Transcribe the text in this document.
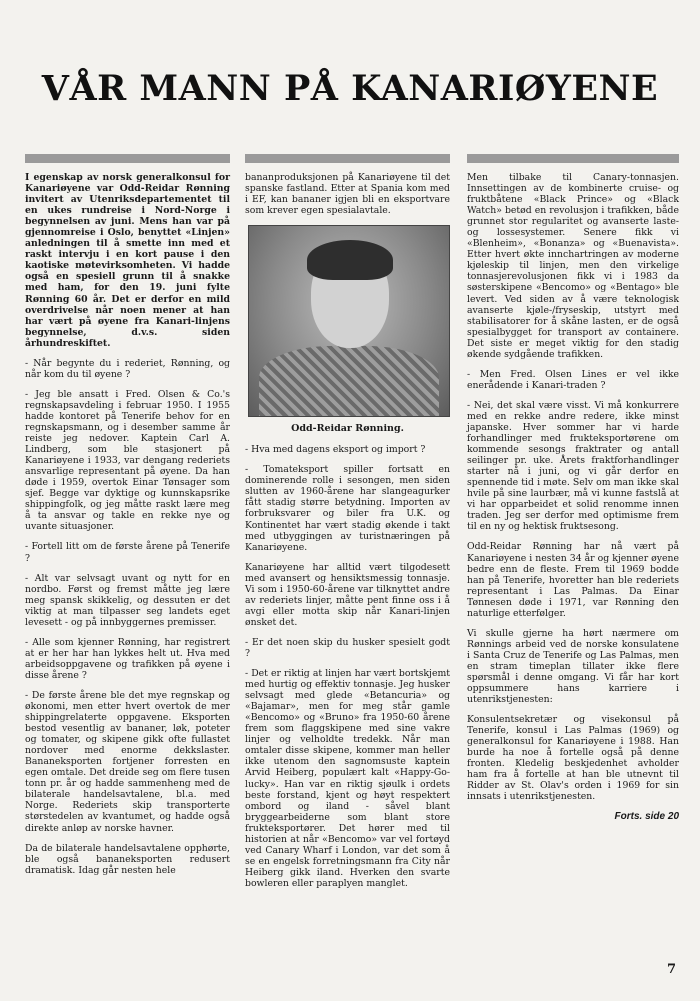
VÅR MANN PÅ KANARIØYENE

I egenskap av norsk generalkonsul for Kanariøyene var Odd-Reidar Rønning invitert av Utenriksdepartementet til en ukes rundreise i Nord-Norge i begynnelsen av juni. Mens han var på gjennomreise i Oslo, benyttet «Linjen» anledningen til å smette inn med et raskt intervju i en kort pause i den kaotiske møtevirksomheten. Vi hadde også en spesiell grunn til å snakke med ham, for den 19. juni fylte Rønning 60 år. Det er derfor en mild overdrivelse når noen mener at han har vært på øyene fra Kanari-linjens begynnelse, d.v.s. siden århundreskiftet.

- Når begynte du i rederiet, Rønning, og når kom du til øyene ?

- Jeg ble ansatt i Fred. Olsen & Co.'s regnskapsavdeling i februar 1950. I 1955 hadde kontoret på Tenerife behov for en regnskapsmann, og i desember samme år reiste jeg nedover. Kaptein Carl A. Lindberg, som ble stasjonert på Kanariøyene i 1933, var dengang rederiets ansvarlige representant på øyene. Da han døde i 1959, overtok Einar Tønsager som sjef. Begge var dyktige og kunnskapsrike shippingfolk, og jeg måtte raskt lære meg å ta ansvar og takle en rekke nye og uvante situasjoner.

- Fortell litt om de første årene på Tenerife ?

- Alt var selvsagt uvant og nytt for en nordbo. Først og fremst måtte jeg lære meg spansk skikkelig, og dessuten er det viktig at man tilpasser seg landets eget levesett - og på innbyggernes premisser.

- Alle som kjenner Rønning, har registrert at er her har han lykkes helt ut. Hva med arbeidsoppgavene og trafikken på øyene i disse årene ?

- De første årene ble det mye regnskap og økonomi, men etter hvert overtok de mer shippingrelaterte oppgavene. Eksporten bestod vesentlig av bananer, løk, poteter og tomater, og skipene gikk ofte fullastet nordover med enorme dekkslaster. Bananeksporten fortjener forresten en egen omtale. Det dreide seg om flere tusen tonn pr. år og hadde sammenheng med de bilaterale handelsavtalene, bl.a. med Norge. Rederiets skip transporterte størstedelen av kvantumet, og hadde også direkte anløp av norske havner.

Da de bilaterale handelsavtalene opphørte, ble også bananeksporten redusert dramatisk. Idag går nesten hele

bananproduksjonen på Kanariøyene til det spanske fastland. Etter at Spania kom med i EF, kan bananer igjen bli en eksportvare som krever egen spesialavtale.

Odd-Reidar Rønning.

- Hva med dagens eksport og import ?

- Tomateksport spiller fortsatt en dominerende rolle i sesongen, men siden slutten av 1960-årene har slangeagurker fått stadig større betydning. Importen av forbruksvarer og biler fra U.K. og Kontinentet har vært stadig økende i takt med utbyggingen av turistnæringen på Kanariøyene.

Kanariøyene har alltid vært tilgodesett med avansert og hensiktsmessig tonnasje. Vi som i 1950-60-årene var tilknyttet andre av rederiets linjer, måtte pent finne oss i å avgi eller motta skip når Kanari-linjen ønsket det.

- Er det noen skip du husker spesielt godt ?

- Det er riktig at linjen har vært bortskjemt med hurtig og effektiv tonnasje. Jeg husker selvsagt med glede «Betancuria» og «Bajamar», men for meg står gamle «Bencomo» og «Bruno» fra 1950-60 årene frem som flaggskipene med sine vakre linjer og velholdte tredekk. Når man omtaler disse skipene, kommer man heller ikke utenom den sagnomsuste kaptein Arvid Heiberg, populært kalt «Happy-Go-lucky». Han var en riktig sjøulk i ordets beste forstand, kjent og høyt respektert ombord og iland - såvel blant bryggearbeiderne som blant store frukteksportører. Det hører med til historien at når «Bencomo» var vel fortøyd ved Canary Wharf i London, var det som å se en engelsk forretningsmann fra City når Heiberg gikk iland. Hverken den svarte bowleren eller paraplyen manglet.

Men tilbake til Canary-tonnasjen. Innsettingen av de kombinerte cruise- og fruktbåtene «Black Prince» og «Black Watch» betød en revolusjon i trafikken, både grunnet stor regularitet og avanserte laste- og lossesystemer. Senere fikk vi «Blenheim», «Bonanza» og «Buenavista». Etter hvert økte innchartringen av moderne kjøleskip til linjen, men den virkelige tonnasjerevolusjonen fikk vi i 1983 da søsterskipene «Bencomo» og «Bentago» ble levert. Ved siden av å være teknologisk avanserte kjøle-/fryseskip, utstyrt med stabilisatorer for å skåne lasten, er de også spesialbygget for transport av containere. Det siste er meget viktig for den stadig økende sydgående trafikken.

- Men Fred. Olsen Lines er vel ikke enerådende i Kanari-traden ?

- Nei, det skal være visst. Vi må konkurrere med en rekke andre redere, ikke minst japanske. Hver sommer har vi harde forhandlinger med frukteksportørene om kommende sesongs fraktrater og antall seilinger pr. uke. Årets fraktforhandlinger starter nå i juni, og vi går derfor en spennende tid i møte. Selv om man ikke skal hvile på sine laurbær, må vi kunne fastslå at vi har opparbeidet et solid renomme innen traden. Jeg ser derfor med optimisme frem til en ny og hektisk fruktsesong.

Odd-Reidar Rønning har nå vært på Kanariøyene i nesten 34 år og kjenner øyene bedre enn de fleste. Frem til 1969 bodde han på Tenerife, hvoretter han ble rederiets representant i Las Palmas. Da Einar Tønnesen døde i 1971, var Rønning den naturlige etterfølger.

Vi skulle gjerne ha hørt nærmere om Rønnings arbeid ved de norske konsulatene i Santa Cruz de Tenerife og Las Palmas, men en stram timeplan tillater ikke flere spørsmål i denne omgang. Vi får har kort oppsummere hans karriere i utenrikstjenesten:

Konsulentsekretær og visekonsul på Tenerife, konsul i Las Palmas (1969) og generalkonsul for Kanariøyene i 1988. Han burde ha noe å fortelle også på denne fronten. Kledelig beskjedenhet avholder ham fra å fortelle at han ble utnevnt til Ridder av St. Olav's orden i 1969 for sin innsats i utenrikstjenesten.

Forts. side 20
7
